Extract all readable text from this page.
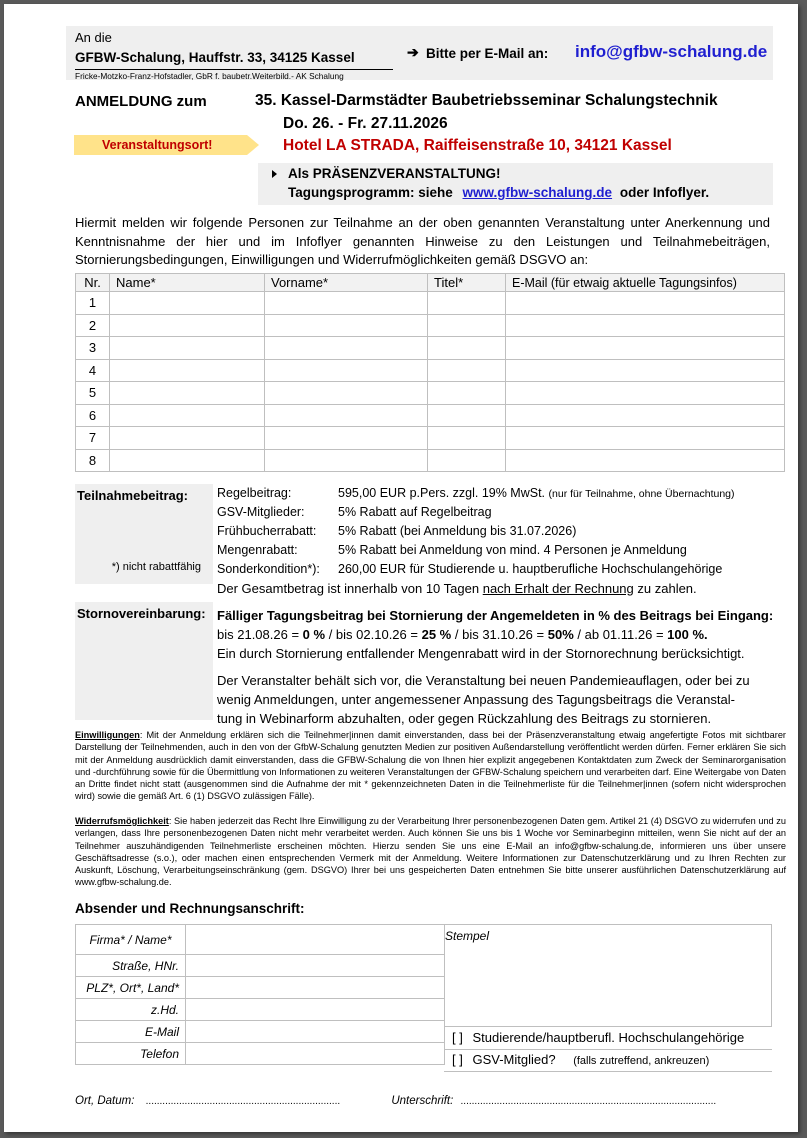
An die
GFBW-Schalung, Hauffstr. 33, 34125 Kassel
Fricke-Motzko-Franz-Hofstadler, GbR f. baubetr.Weiterbild.- AK Schalung
➔ Bitte per E-Mail an: info@gfbw-schalung.de
ANMELDUNG zum	35. Kassel-Darmstädter Baubetriebsseminar Schalungstechnik
Do. 26. - Fr. 27.11.2026
Veranstaltungsort!	Hotel LA STRADA, Raiffeisenstraße 10, 34121 Kassel
Als PRÄSENZVERANSTALTUNG!
Tagungsprogramm: siehe www.gfbw-schalung.de oder Infoflyer.
Hiermit melden wir folgende Personen zur Teilnahme an der oben genannten Veranstaltung unter Anerkennung und Kenntnisnahme der hier und im Infoflyer genannten Hinweise zu den Leistungen und Teilnahmebeiträgen, Stornierungsbedingungen, Einwilligungen und Widerrufmöglichkeiten gemäß DSGVO an:
Nr.	Name*	Vorname*	Titel*	E-Mail (für etwaig aktuelle Tagungsinfos)
1				
2				
3				
4				
5				
6				
7				
8				
Teilnahmebeitrag:
*) nicht rabattfähig
Regelbeitrag:	595,00 EUR p.Pers. zzgl. 19% MwSt. (nur für Teilnahme, ohne Übernachtung)
GSV-Mitglieder:	5% Rabatt auf Regelbeitrag
Frühbucherrabatt:	5% Rabatt (bei Anmeldung bis 31.07.2026)
Mengenrabatt:	5% Rabatt bei Anmeldung von mind. 4 Personen je Anmeldung
Sonderkondition*):	260,00 EUR für Studierende u. hauptberufliche Hochschulangehörige
Der Gesamtbetrag ist innerhalb von 10 Tagen nach Erhalt der Rechnung zu zahlen.
Stornovereinbarung: Fälliger Tagungsbeitrag bei Stornierung der Angemeldeten in % des Beitrags bei Eingang:
bis 21.08.26 = 0 % / bis 02.10.26 = 25 % / bis 31.10.26 = 50% / ab 01.11.26 = 100 %.
Ein durch Stornierung entfallender Mengenrabatt wird in der Stornorechnung berücksichtigt.
Der Veranstalter behält sich vor, die Veranstaltung bei neuen Pandemieauflagen, oder bei zu wenig Anmeldungen, unter angemessener Anpassung des Tagungsbeitrags die Veranstal-tung in Webinarform abzuhalten, oder gegen Rückzahlung des Beitrags zu stornieren.
Einwilligungen: Mit der Anmeldung erklären sich die Teilnehmer|innen damit einverstanden, dass bei der Präsenzveranstaltung etwaig angefertigte Fotos mit sichtbarer Darstellung der Teilnehmenden, auch in den von der GfbW-Schalung genutzten Medien zur positiven Außendarstellung veröffentlicht werden dürfen. Ferner erklären Sie sich mit der Anmeldung ausdrücklich damit einverstanden, dass die GFBW-Schalung die von Ihnen hier explizit angegebenen Kontaktdaten zum Zweck der Seminarorganisation und -durchführung sowie für die Übermittlung von Informationen zu weiteren Veranstaltungen der GFBW-Schalung speichern und verarbeiten darf. Eine Weitergabe von Daten an Dritte findet nicht statt (ausgenommen sind die Aufnahme der mit * gekennzeichneten Daten in die Teilnehmerliste für die Teilnehmer|innen (sofern nicht widersprochen wird) sowie die gemäß Art. 6 (1) DSGVO zulässigen Fälle).
Widerrufsmöglichkeit: Sie haben jederzeit das Recht Ihre Einwilligung zu der Verarbeitung Ihrer personenbezogenen Daten gem. Artikel 21 (4) DSGVO zu widerrufen und zu verlangen, dass Ihre personenbezogenen Daten nicht mehr verarbeitet werden. Auch können Sie uns bis 1 Woche vor Seminarbeginn mitteilen, wenn Sie nicht auf der an Teilnehmer auszuhändigenden Teilnehmerliste erscheinen möchten. Hierzu senden Sie uns eine E-Mail an info@gfbw-schalung.de, informieren uns über unsere Geschäftsadresse (s.o.), oder machen einen entsprechenden Vermerk mit der Anmeldung. Weitere Informationen zur Datenschutzerklärung und zu Ihren Rechten zur Auskunft, Löschung, Verarbeitungseinschränkung (gem. DSGVO) Ihrer bei uns gespeicherten Daten entnehmen Sie bitte unserer ausführlichen Datenschutzerklärung auf www.gfbw-schalung.de.
Absender und Rechnungsanschrift:
Firma* / Name*	
Straße, HNr.	
PLZ*, Ort*, Land*	
z.Hd.	
E-Mail	
Telefon	
Stempel
[ ] Studierende/hauptberufl. Hochschulangehörige
[ ] GSV-Mitglied? (falls zutreffend, ankreuzen)
Ort, Datum: ......................................................................	Unterschrift: ............................................................................................
